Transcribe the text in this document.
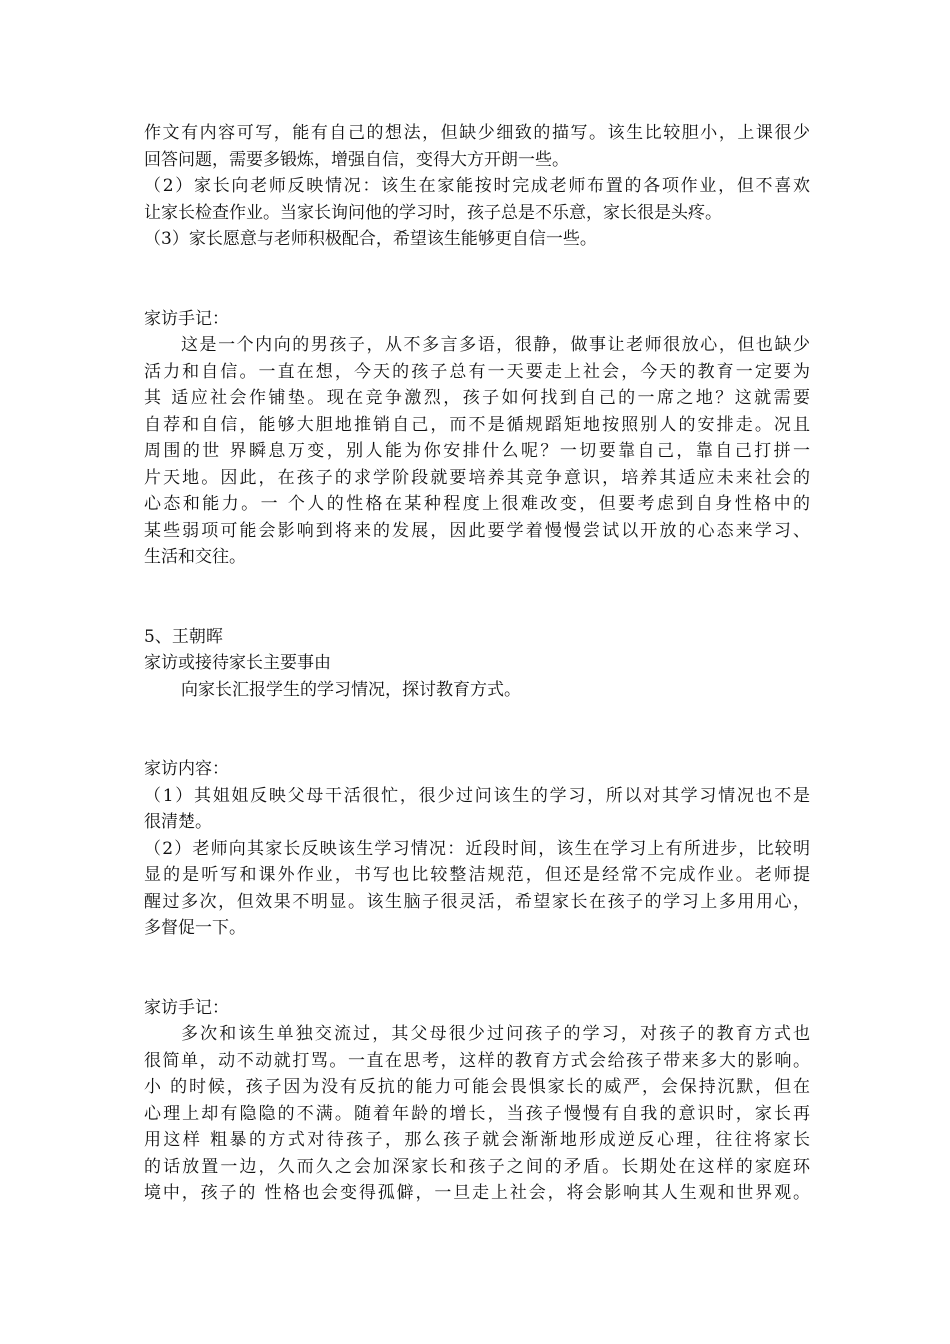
作文有内容可写，能有自己的想法，但缺少细致的描写。该生比较胆小，上课很少
回答问题，需要多锻炼，增强自信，变得大方开朗一些。
（2）家长向老师反映情况：该生在家能按时完成老师布置的各项作业，但不喜欢
让家长检查作业。当家长询问他的学习时，孩子总是不乐意，家长很是头疼。
（3）家长愿意与老师积极配合，希望该生能够更自信一些。
家访手记：
这是一个内向的男孩子，从不多言多语，很静，做事让老师很放心，但也缺少
活力和自信。一直在想，今天的孩子总有一天要走上社会，今天的教育一定要为
其 适应社会作铺垫。现在竞争激烈，孩子如何找到自己的一席之地？这就需要
自荐和自信，能够大胆地推销自己，而不是循规蹈矩地按照别人的安排走。况且
周围的世 界瞬息万变，别人能为你安排什么呢？一切要靠自己，靠自己打拼一
片天地。因此，在孩子的求学阶段就要培养其竞争意识，培养其适应未来社会的
心态和能力。一 个人的性格在某种程度上很难改变，但要考虑到自身性格中的
某些弱项可能会影响到将来的发展，因此要学着慢慢尝试以开放的心态来学习、
生活和交往。
5、王朝晖
家访或接待家长主要事由
向家长汇报学生的学习情况，探讨教育方式。
家访内容：
（1）其姐姐反映父母干活很忙，很少过问该生的学习，所以对其学习情况也不是
很清楚。
（2）老师向其家长反映该生学习情况：近段时间，该生在学习上有所进步，比较明
显的是听写和课外作业，书写也比较整洁规范，但还是经常不完成作业。老师提
醒过多次，但效果不明显。该生脑子很灵活，希望家长在孩子的学习上多用用心，
多督促一下。
家访手记：
多次和该生单独交流过，其父母很少过问孩子的学习，对孩子的教育方式也
很简单，动不动就打骂。一直在思考，这样的教育方式会给孩子带来多大的影响。
小 的时候，孩子因为没有反抗的能力可能会畏惧家长的威严，会保持沉默，但在
心理上却有隐隐的不满。随着年龄的增长，当孩子慢慢有自我的意识时，家长再
用这样 粗暴的方式对待孩子，那么孩子就会渐渐地形成逆反心理，往往将家长
的话放置一边，久而久之会加深家长和孩子之间的矛盾。长期处在这样的家庭环
境中，孩子的 性格也会变得孤僻，一旦走上社会，将会影响其人生观和世界观。
